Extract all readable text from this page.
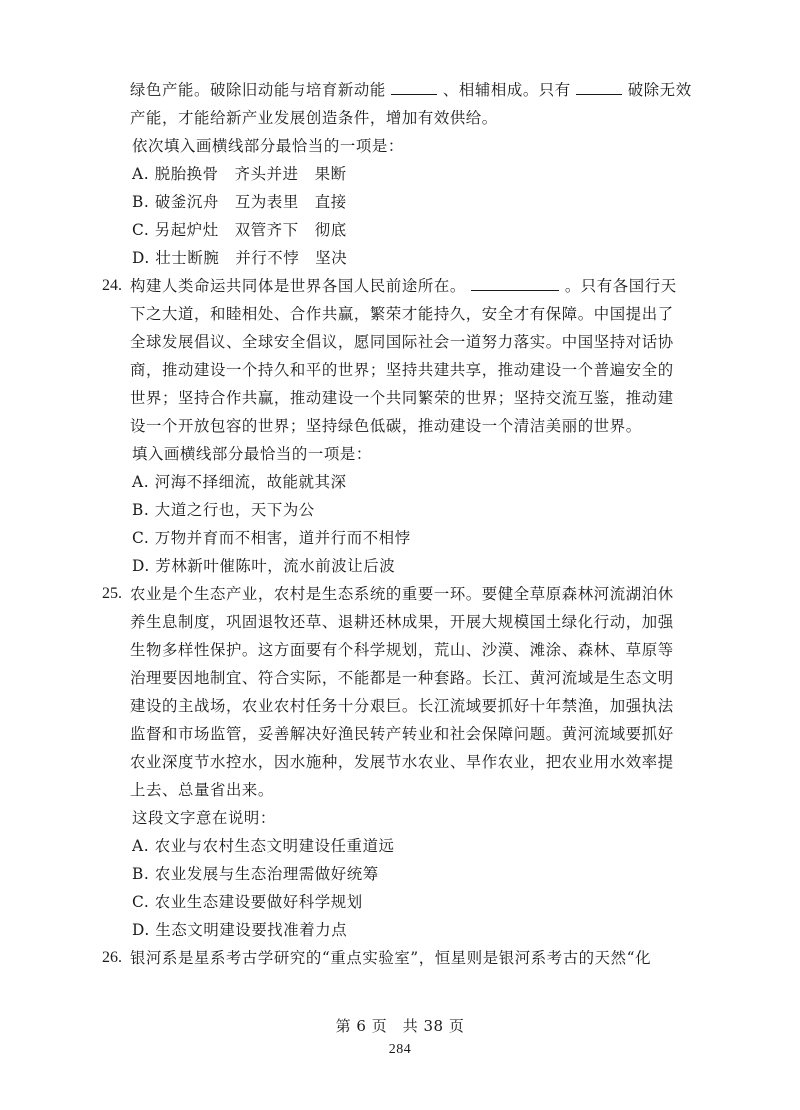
绿色产能。破除旧动能与培育新动能	、相辅相成。只有	破除无效

产能，才能给新产业发展创造条件，增加有效供给。

依次填入画横线部分最恰当的一项是：

A. 脱胎换骨　齐头并进　果断

B. 破釜沉舟　互为表里　直接

C. 另起炉灶　双管齐下　彻底

D. 壮士断腕　并行不悖　坚决

24. 构建人类命运共同体是世界各国人民前途所在。	。只有各国行天

下之大道，和睦相处、合作共赢，繁荣才能持久，安全才有保障。中国提出了

全球发展倡议、全球安全倡议，愿同国际社会一道努力落实。中国坚持对话协

商，推动建设一个持久和平的世界；坚持共建共享，推动建设一个普遍安全的

世界；坚持合作共赢，推动建设一个共同繁荣的世界；坚持交流互鉴，推动建

设一个开放包容的世界；坚持绿色低碳，推动建设一个清洁美丽的世界。

填入画横线部分最恰当的一项是：

A. 河海不择细流，故能就其深

B. 大道之行也，天下为公

C. 万物并育而不相害，道并行而不相悖

D. 芳林新叶催陈叶，流水前波让后波

25. 农业是个生态产业，农村是生态系统的重要一环。要健全草原森林河流湖泊休

养生息制度，巩固退牧还草、退耕还林成果，开展大规模国土绿化行动，加强

生物多样性保护。这方面要有个科学规划，荒山、沙漠、滩涂、森林、草原等

治理要因地制宜、符合实际，不能都是一种套路。长江、黄河流域是生态文明

建设的主战场，农业农村任务十分艰巨。长江流域要抓好十年禁渔，加强执法

监督和市场监管，妥善解决好渔民转产转业和社会保障问题。黄河流域要抓好

农业深度节水控水，因水施种，发展节水农业、旱作农业，把农业用水效率提

上去、总量省出来。

这段文字意在说明：

A. 农业与农村生态文明建设任重道远

B. 农业发展与生态治理需做好统筹

C. 农业生态建设要做好科学规划

D. 生态文明建设要找准着力点

26. 银河系是星系考古学研究的“重点实验室”，恒星则是银河系考古的天然“化

第 6 页　共 38 页

284
